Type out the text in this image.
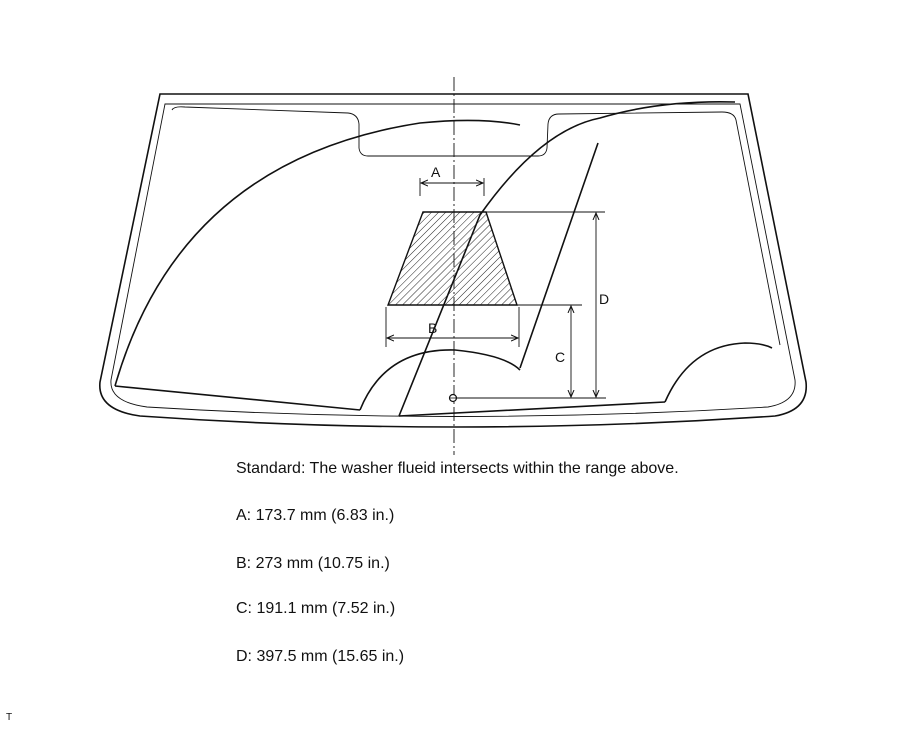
A
B
C
D
Standard: The washer flueid intersects within the range above.
A: 173.7 mm (6.83 in.)
B: 273 mm (10.75 in.)
C: 191.1 mm (7.52 in.)
D: 397.5 mm (15.65 in.)
T
